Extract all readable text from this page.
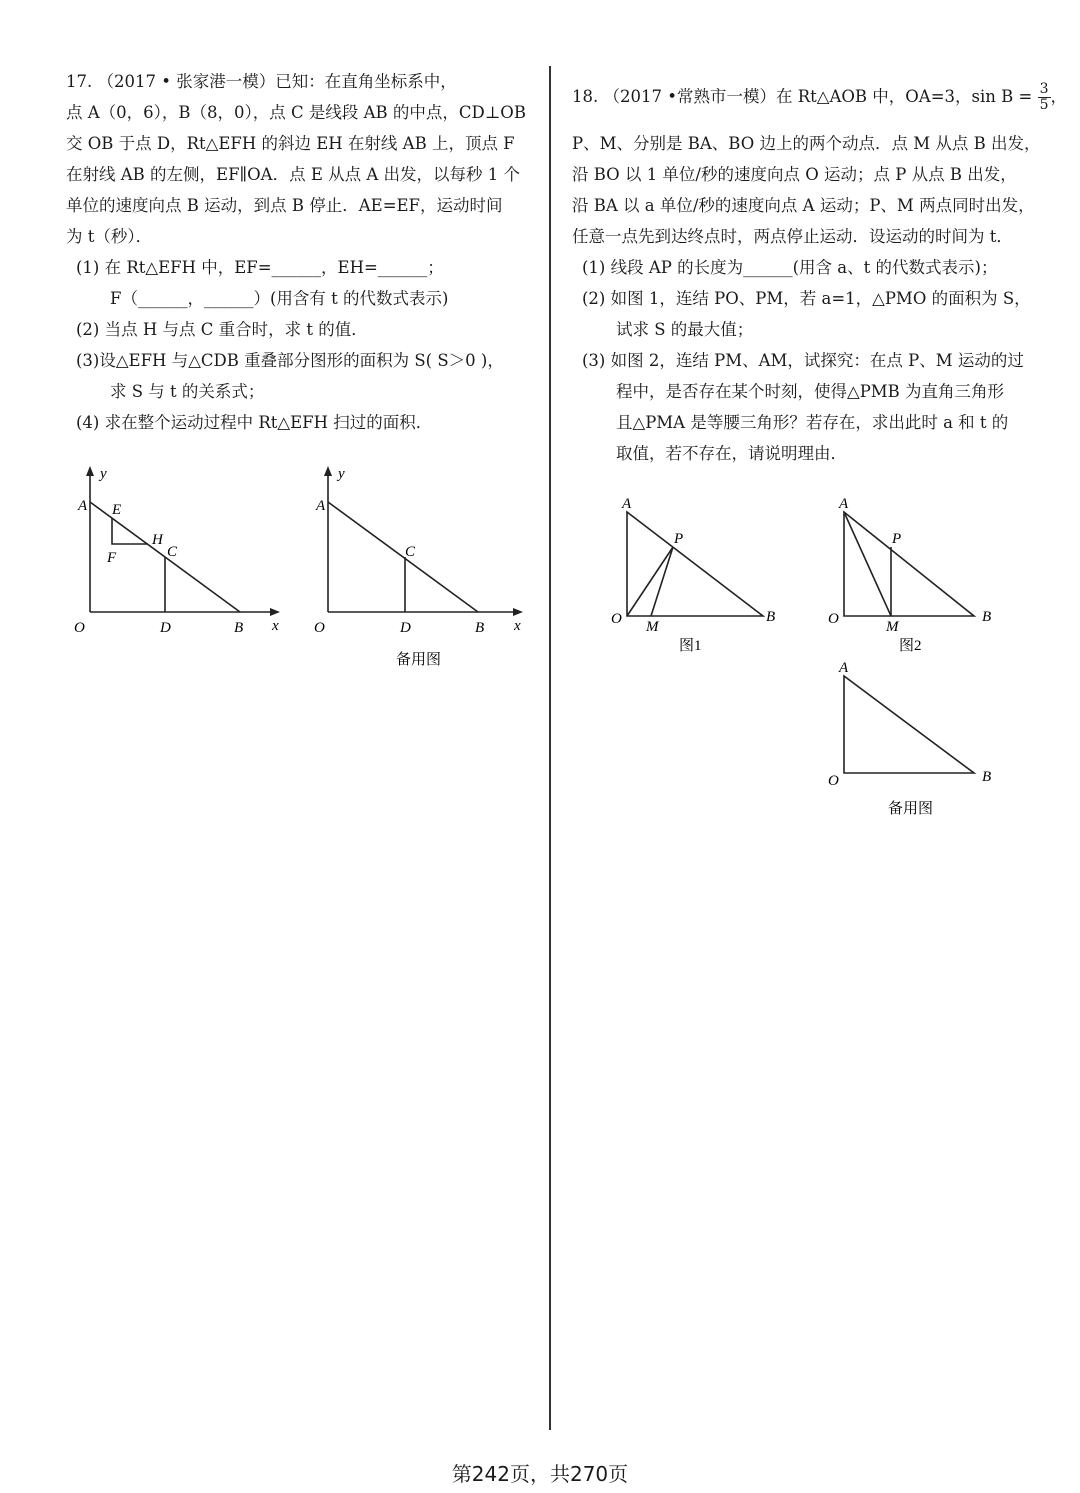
17. （2017 • 张家港一模）已知：在直角坐标系中，

点 A（0，6），B（8，0），点 C 是线段 AB 的中点，CD⊥OB

交 OB 于点 D，Rt△EFH 的斜边 EH 在射线 AB 上，顶点 F

在射线 AB 的左侧，EF∥OA．点 E 从点 A 出发，以每秒 1 个

单位的速度向点 B 运动，到点 B 停止．AE=EF，运动时间

为 t（秒）．

(1) 在 Rt△EFH 中，EF=______，EH=______；

F（______，______）(用含有 t 的代数式表示)

(2) 当点 H 与点 C 重合时，求 t 的值．

(3)设△EFH 与△CDB 重叠部分图形的面积为 S( S＞0 )，

求 S 与 t 的关系式；

(4) 求在整个运动过程中 Rt△EFH 扫过的面积．

y
x
A E
F
H
C
O	D	B
y
x
A
C
O	D	B
备用图

18. （2017 •常熟市一模）在 Rt△AOB 中，OA=3，$\sin B = \frac{3}{5}$ ，

P、M、分别是 BA、BO 边上的两个动点．点 M 从点 B 出发，

沿 BO 以 1 单位/秒的速度向点 O 运动；点 P 从点 B 出发，

沿 BA 以 a 单位/秒的速度向点 A 运动；P、M 两点同时出发，

任意一点先到达终点时，两点停止运动．设运动的时间为 t．

(1) 线段 AP 的长度为______(用含 a、t 的代数式表示)；

(2) 如图 1，连结 PO、PM，若 a=1，△PMO 的面积为 S，

试求 S 的最大值；

(3) 如图 2，连结 PM、AM，试探究：在点 P、M 运动的过

程中，是否存在某个时刻，使得△PMB 为直角三角形

且△PMA 是等腰三角形？若存在，求出此时 a 和 t 的

取值，若不存在，请说明理由．

A
P
O M
B
图1
A
P
O	M
B
图2
A
O	B
备用图
第242页，共270页
